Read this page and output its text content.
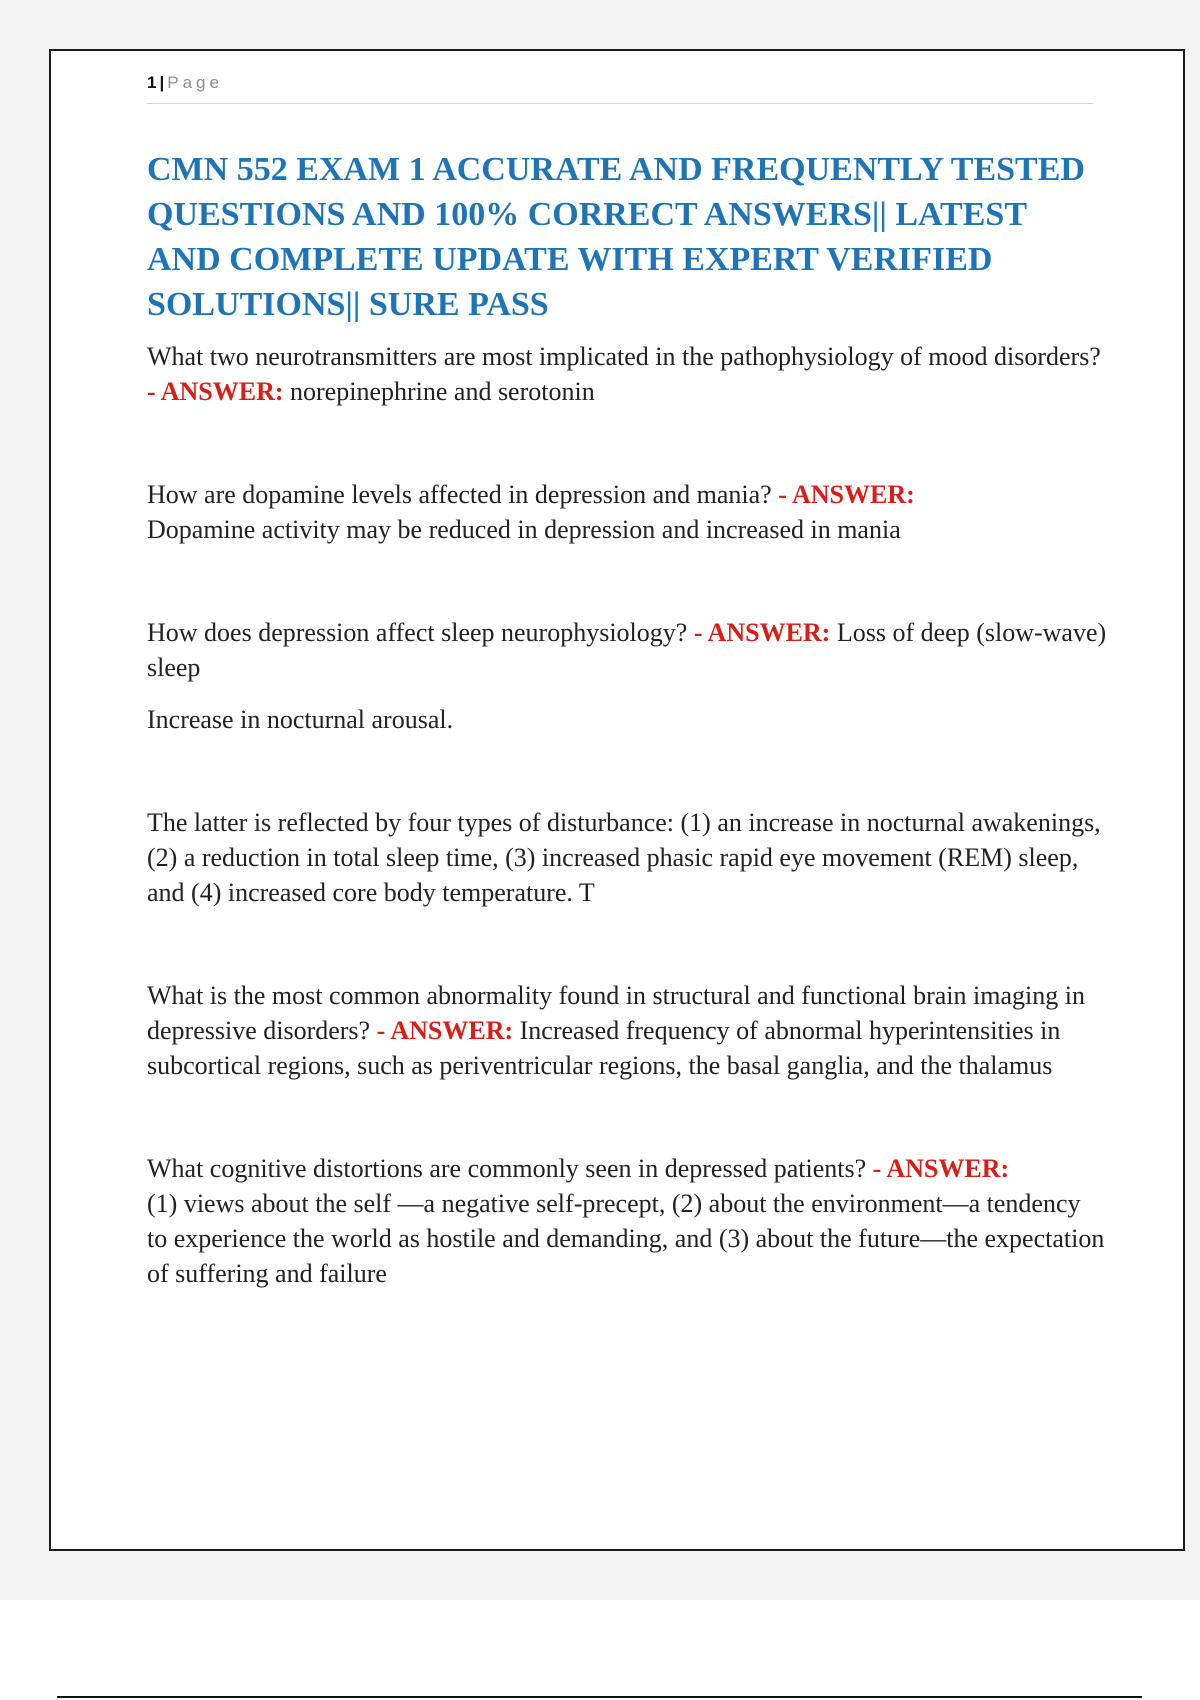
1 | Page
CMN 552 EXAM 1 ACCURATE AND FREQUENTLY TESTED QUESTIONS AND 100% CORRECT ANSWERS|| LATEST AND COMPLETE UPDATE WITH EXPERT VERIFIED SOLUTIONS|| SURE PASS

What two neurotransmitters are most implicated in the pathophysiology of mood disorders? - ANSWER: norepinephrine and serotonin

How are dopamine levels affected in depression and mania? - ANSWER:
Dopamine activity may be reduced in depression and increased in mania

How does depression affect sleep neurophysiology? - ANSWER: Loss of deep (slow-wave) sleep

Increase in nocturnal arousal.

The latter is reflected by four types of disturbance: (1) an increase in nocturnal awakenings, (2) a reduction in total sleep time, (3) increased phasic rapid eye movement (REM) sleep, and (4) increased core body temperature. T

What is the most common abnormality found in structural and functional brain imaging in depressive disorders? - ANSWER: Increased frequency of abnormal hyperintensities in subcortical regions, such as periventricular regions, the basal ganglia, and the thalamus

What cognitive distortions are commonly seen in depressed patients? - ANSWER:
(1) views about the self —a negative self-precept, (2) about the environment—a tendency to experience the world as hostile and demanding, and (3) about the future—the expectation of suffering and failure
